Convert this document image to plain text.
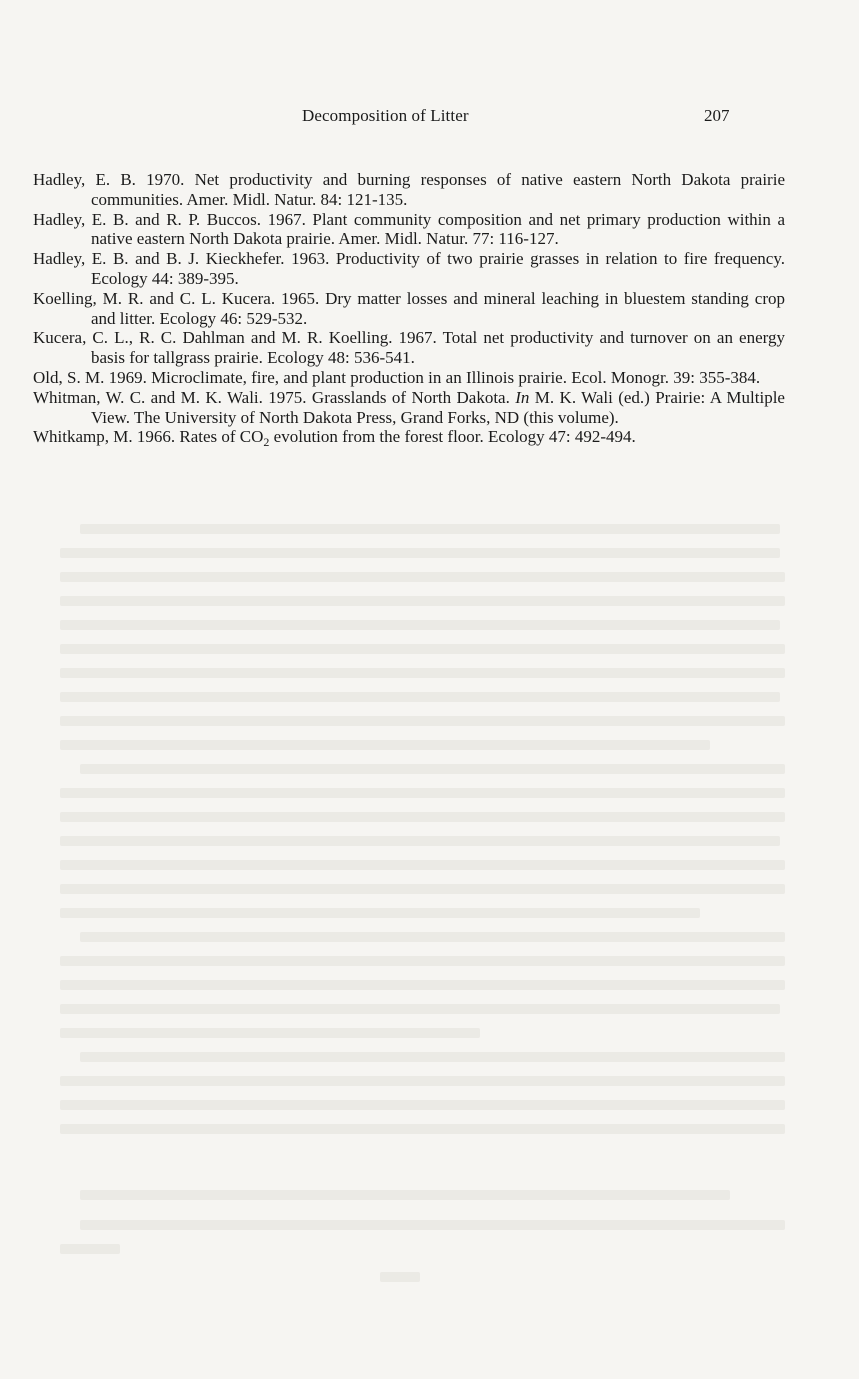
Decomposition of Litter	207
Hadley, E. B. 1970. Net productivity and burning responses of native eastern North Dakota prairie communities. Amer. Midl. Natur. 84: 121-135.
Hadley, E. B. and R. P. Buccos. 1967. Plant community composition and net primary production within a native eastern North Dakota prairie. Amer. Midl. Natur. 77: 116-127.
Hadley, E. B. and B. J. Kieckhefer. 1963. Productivity of two prairie grasses in relation to fire frequency. Ecology 44: 389-395.
Koelling, M. R. and C. L. Kucera. 1965. Dry matter losses and mineral leaching in bluestem standing crop and litter. Ecology 46: 529-532.
Kucera, C. L., R. C. Dahlman and M. R. Koelling. 1967. Total net productivity and turnover on an energy basis for tallgrass prairie. Ecology 48: 536-541.
Old, S. M. 1969. Microclimate, fire, and plant production in an Illinois prairie. Ecol. Monogr. 39: 355-384.
Whitman, W. C. and M. K. Wali. 1975. Grasslands of North Dakota. In M. K. Wali (ed.) Prairie: A Multiple View. The University of North Dakota Press, Grand Forks, ND (this volume).
Whitkamp, M. 1966. Rates of $CO_2$ evolution from the forest floor. Ecology 47: 492-494.
